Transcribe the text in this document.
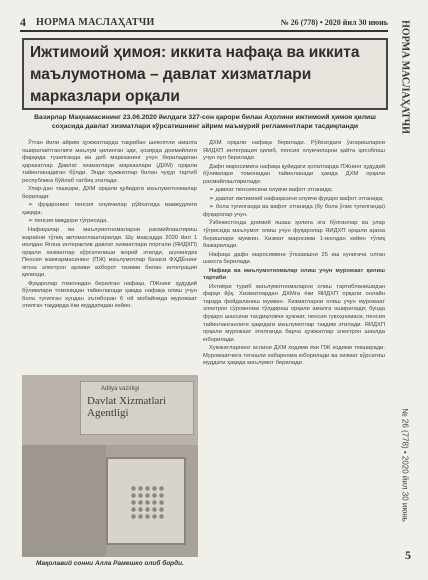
4 НОРМА МАСЛАҲАТЧИ	№ 26 (778) • 2020 йил 30 июнь НОРМА МАСЛАҲАТЧИ
№ 26 (778) • 2020 йил 30 июнь
5
Ижтимоий ҳимоя: иккита нафақа ва иккита маълумотнома – давлат хизматлари марказлари орқали
Вазирлар Маҳкамасининг 23.06.2020 йилдаги 327-сон қарори билан Аҳолини ижтимоий ҳимоя қилиш соҳасида давлат хизматлари кўрсатишнинг айрим маъмурий регламентлари тасдиқланди

Ўтган йили айрим ҳужжатларда тақрибан шикоятли амалга оширилаётганлиги маълум қилинган эди, ҳозирда доимийлиги фарқида тузилганда ва деб марказнинг учун бериладиган ҳаракатлар Давлат хизматлари марказлари (ДХМ) орқали тайинланадиган бўлди. Энди хужжатлар билан чуқур тартиб республика бўйлаб татбиқ этилади.

Улар-дан ташқари, ДХМ орқали қуйидаги маълумотномалар берилади:

➢ фуқаронинг пенсия олувчилар рўйхатида мавжудлиги ҳақида;

➢ пенсия миқдори тўғрисида.

Нафақалар ва маълумотномаларни расмийлаштириш жараёни тўлиқ автоматлаштирилди. Шу мақсадда 2020 йил 1 июлдан Ягона интерактив давлат хизматлари портали (ЯИДХП) орқали хизматлар кўрсатилиши жорий этилди, шунингдек Пенсия жамғармасининг (ПЖ) маълумотлар базаси ФҲДЁнинг ягона электрон архиви ахборот тизими билан интеграция қилинди.

Фуқаролар томонидан берилган нафақа, ПЖнинг ҳудудий бўлимлари томонидан тайинланади ҳамда нафақа олиш учун бола туғилган кундан эътиборан 6 ой мобайнида мурожаат этилган тақдирда ёки муддатидан кейин.

ДХМ орқали нафақа берилади. Рўйхатдаги ўзгаришларни ЯИДХП интеграция қилиб, пенсия олувчиларни қайта ҳисоблаш учун пул берилади.

Дафн маросимига нафақа қуйидаги ҳолатларда ПЖнинг ҳудудий бўлимлари томонидан тайинланади ҳамда ДХМ орқали расмийлаштирилади:

➢ давлат пенсиясини олувчи вафот этганида;

➢ давлат ижтимоий нафақасини олувчи фуқаро вафот этганида;

➢ бола туғилганда ва вафот этганида (бу бола ўлик туғилганда) фуқаролар учун.

Ўзбекистонда доимий яшаш ҳолига эга бўлганлар ва улар тўғрисида маълумот олиш учун фуқаролар ЯИДХП орқали ариза беришлари мумкин. Хизмат маросими 1-июлдан кейин тўлиқ бажарилади.

Нафақа дафн маросимини ўтказишни 25 иш кунигача олган шахсга берилади.

Нафақа ва маълумотномалар олиш учун мурожаат қилиш тартиби

Ихтиёри туриб маълумотномаларни олиш тартибланишидан фарқи йўқ. Хизматлардан ДХМга ёки ЯИДХП орқали онлайн тарзда фойдаланиш мумкин. Хизматларни олиш учун мурожаат электрон сўровнома тўлдириш орқали амалга оширилади; бунда фуқаро шахсини тасдиқловчи ҳужжат, пенсия гувоҳномаси, пенсия тайинланганлиги ҳақидаги маълумотлар тақдим этилади. ЯИДХП орқали мурожаат этилганда барча ҳужжатлар электрон шаклда юборилади.

Хужжатларнинг аслини ДХМ ходими ёки ПЖ ходими текширади. Мурожаатчига тегишли хабарнома юборилади ва хизмат кўрсатиш муддати ҳақида маълумот берилади.

Adliya vazirligi
Davlat Xizmatlari Agentligi
Мақолавий сонни Алла Рамешко олиб борди.
